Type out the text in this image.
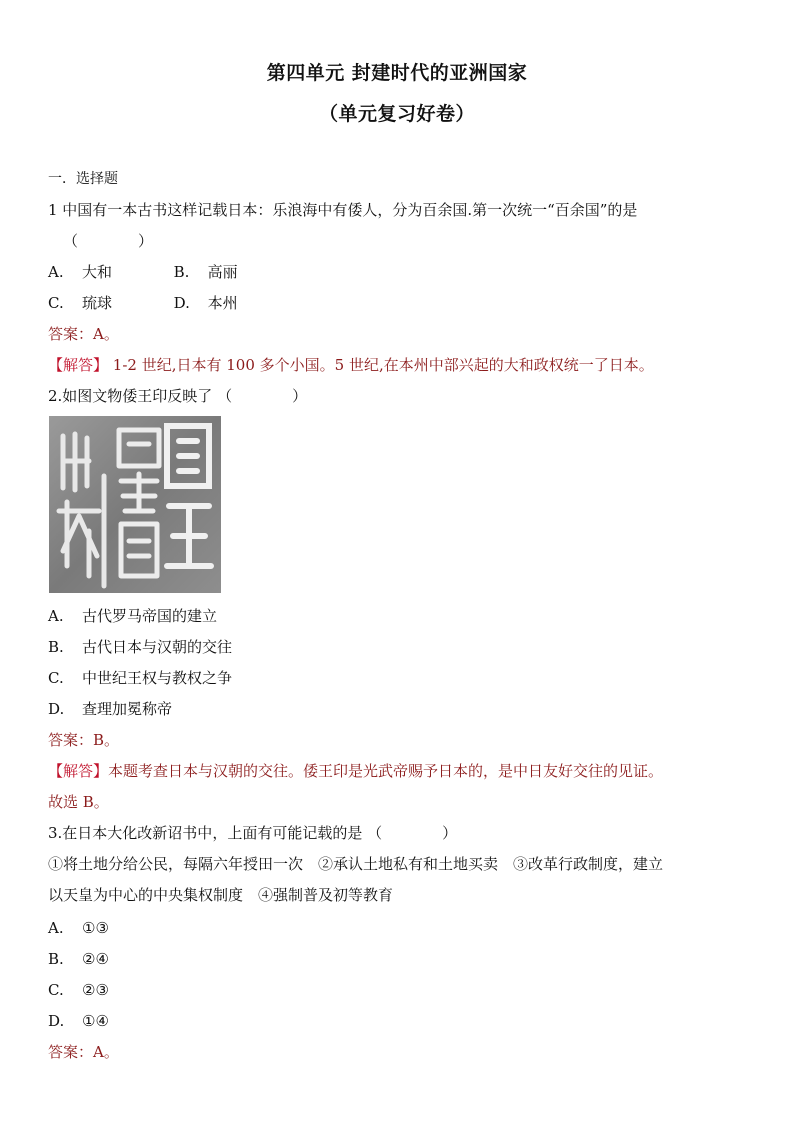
第四单元 封建时代的亚洲国家
（单元复习好卷）
一．选择题
1 中国有一本古书这样记载日本：乐浪海中有倭人，分为百余国.第一次统一“百余国”的是
（　　　　）
A. 大和	B. 高丽
C. 琉球	D. 本州
答案：A。
【解答】 1-2 世纪,日本有 100 多个小国。5 世纪,在本州中部兴起的大和政权统一了日本。
2.如图文物倭王印反映了 （　　　　）
A. 古代罗马帝国的建立
B. 古代日本与汉朝的交往
C. 中世纪王权与教权之争
D. 查理加冕称帝
答案：B。
【解答】本题考查日本与汉朝的交往。倭王印是光武帝赐予日本的，是中日友好交往的见证。
故选 B。
3.在日本大化改新诏书中，上面有可能记载的是 （　　　　）
①将土地分给公民，每隔六年授田一次　②承认土地私有和土地买卖　③改革行政制度，建立
以天皇为中心的中央集权制度　④强制普及初等教育
A. ①③
B. ②④
C. ②③
D. ①④
答案：A。
